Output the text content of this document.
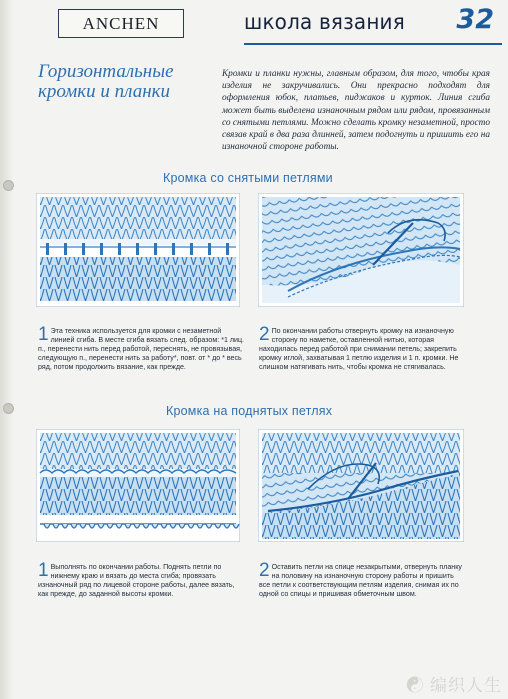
ANCHEN	школа вязания 32
Горизонтальные кромки и планки
Кромки и планки нужны, главным образом, для того, чтобы края изделия не закручивались. Они прекрасно подходят для оформления юбок, платьев, пиджаков и курток. Линия сгиба может быть выделена изнаночным рядом или рядом, провязанным со снятыми петлями. Можно сделать кромку незаметной, просто связав край в два раза длинней, затем подогнуть и пришить его на изнаночной стороне работы.
Кромка со снятыми петлями
1 Эта техника используется для кромки с незаметной линией сгиба. В месте сгиба вязать след. образом: *1 лиц. п., перенести нить перед работой, переснять, не провязывая, следующую п., перенести нить за работу*, повт. от * до * весь ряд, потом продолжить вязание, как прежде.
2 По окончании работы отвернуть кромку на изнаночную сторону по наметке, оставленной нитью, которая находилась перед работой при снимании петель; закрепить кромку иглой, захватывая 1 петлю изделия и 1 п. кромки. Не слишком натягивать нить, чтобы кромка не стягивалась.
Кромка на поднятых петлях
1 Выполнять по окончании работы. Поднять петли по нижнему краю и вязать до места сгиба; провязать изнаночный ряд по лицевой стороне работы, далее вязать, как прежде, до заданной высоты кромки.
2 Оставить петли на спице незакрытыми, отвернуть планку на половину на изнаночную сторону работы и пришить все петли к соответствующим петлям изделия, снимая их по одной со спицы и пришивая обметочным швом.
☯ 编织人生
